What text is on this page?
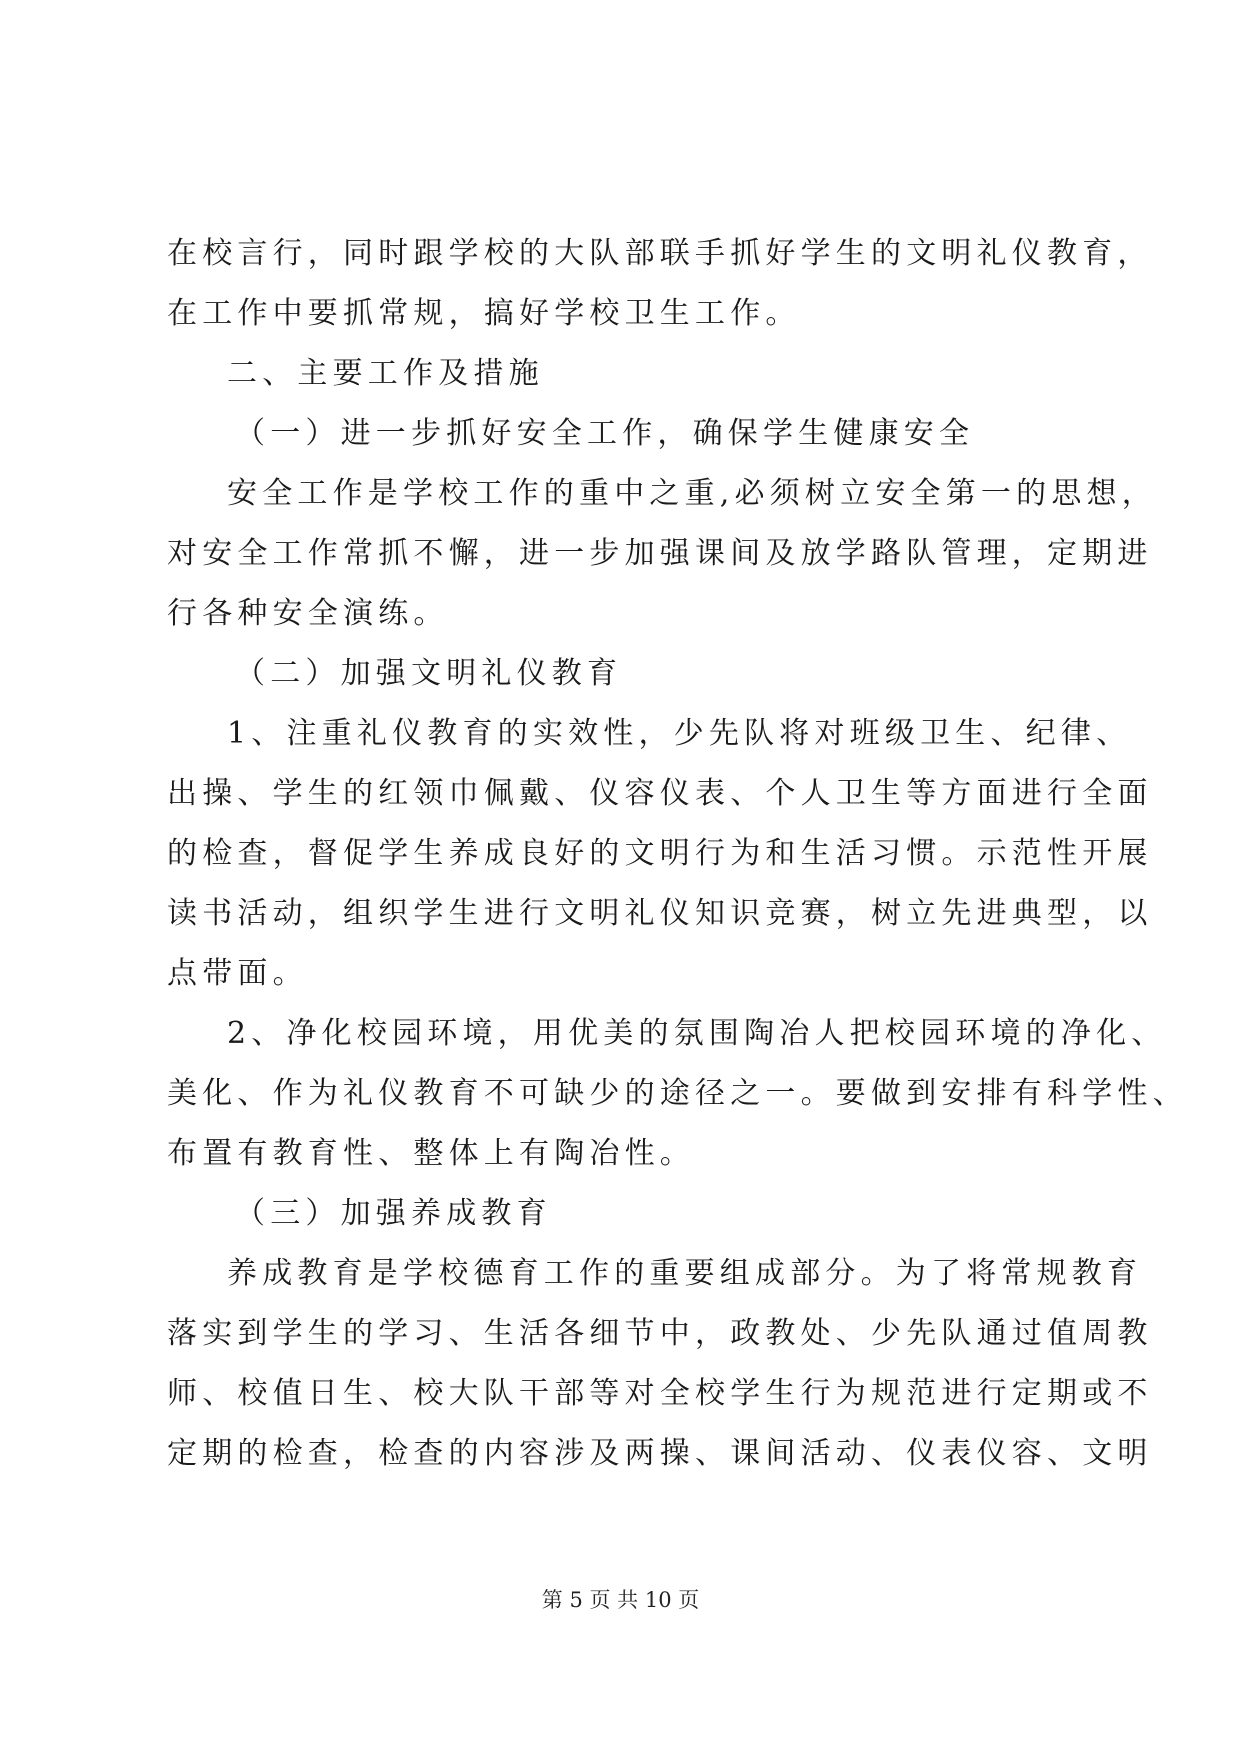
在校言行，同时跟学校的大队部联手抓好学生的文明礼仪教育，
在工作中要抓常规，搞好学校卫生工作。
二、主要工作及措施
（一）进一步抓好安全工作，确保学生健康安全
安全工作是学校工作的重中之重,必须树立安全第一的思想，
对安全工作常抓不懈，进一步加强课间及放学路队管理，定期进
行各种安全演练。
（二）加强文明礼仪教育
1、注重礼仪教育的实效性，少先队将对班级卫生、纪律、
出操、学生的红领巾佩戴、仪容仪表、个人卫生等方面进行全面
的检查，督促学生养成良好的文明行为和生活习惯。示范性开展
读书活动，组织学生进行文明礼仪知识竞赛，树立先进典型，以
点带面。
2、净化校园环境，用优美的氛围陶冶人把校园环境的净化、
美化、作为礼仪教育不可缺少的途径之一。要做到安排有科学性、
布置有教育性、整体上有陶冶性。
（三）加强养成教育
养成教育是学校德育工作的重要组成部分。为了将常规教育
落实到学生的学习、生活各细节中，政教处、少先队通过值周教
师、校值日生、校大队干部等对全校学生行为规范进行定期或不
定期的检查，检查的内容涉及两操、课间活动、仪表仪容、文明
第 5 页 共 10 页
